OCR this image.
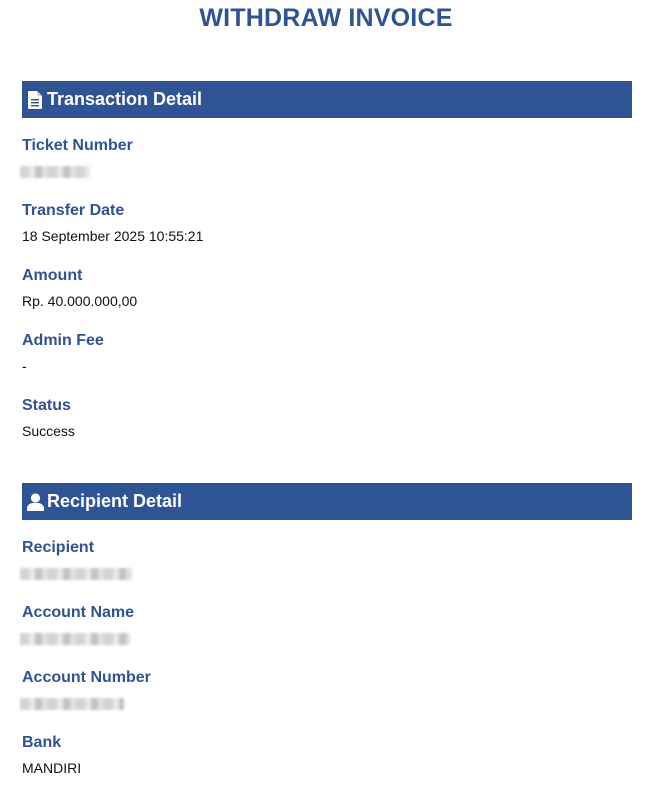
WITHDRAW INVOICE
Transaction Detail
Ticket Number
Transfer Date
18 September 2025 10:55:21
Amount
Rp. 40.000.000,00
Admin Fee
-
Status
Success
Recipient Detail
Recipient
Account Name
Account Number
Bank
MANDIRI
